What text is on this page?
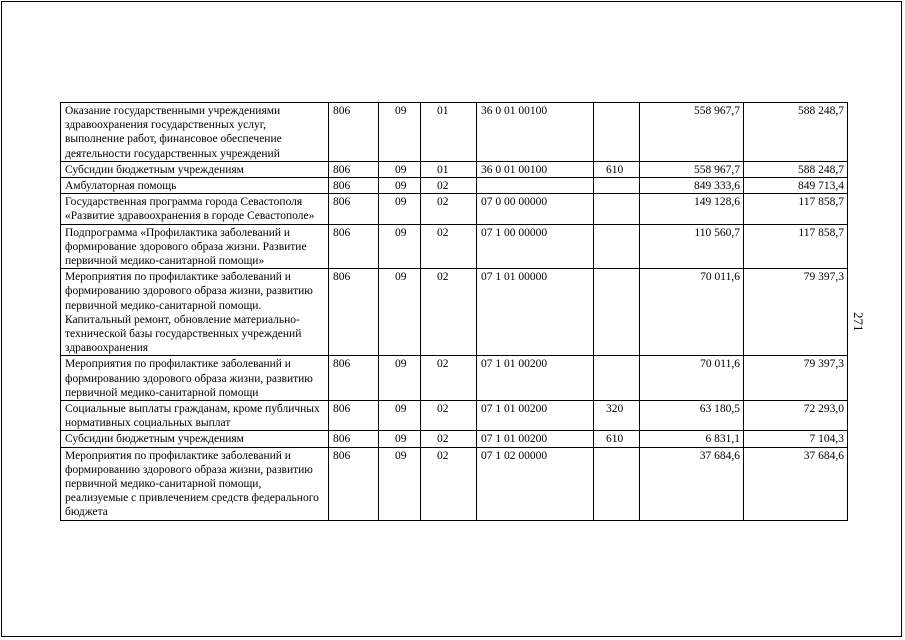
Оказание государственными учреждениями здравоохранения государственных услуг, выполнение работ, финансовое обеспечение деятельности государственных учреждений	806	09	01	36 0 01 00100		558 967,7	588 248,7
Субсидии бюджетным учреждениям	806	09	01	36 0 01 00100	610	558 967,7	588 248,7
Амбулаторная помощь	806	09	02			849 333,6	849 713,4
Государственная программа города Севастополя «Развитие здравоохранения в городе Севастополе»	806	09	02	07 0 00 00000		149 128,6	117 858,7
Подпрограмма «Профилактика заболеваний и формирование здорового образа жизни. Развитие первичной медико-санитарной помощи»	806	09	02	07 1 00 00000		110 560,7	117 858,7
Мероприятия по профилактике заболеваний и формированию здорового образа жизни, развитию первичной медико-санитарной помощи. Капитальный ремонт, обновление материально-технической базы государственных учреждений здравоохранения	806	09	02	07 1 01 00000		70 011,6	79 397,3
Мероприятия по профилактике заболеваний и формированию здорового образа жизни, развитию первичной медико-санитарной помощи	806	09	02	07 1 01 00200		70 011,6	79 397,3
Социальные выплаты гражданам, кроме публичных нормативных социальных выплат	806	09	02	07 1 01 00200	320	63 180,5	72 293,0
Субсидии бюджетным учреждениям	806	09	02	07 1 01 00200	610	6 831,1	7 104,3
Мероприятия по профилактике заболеваний и формированию здорового образа жизни, развитию первичной медико-санитарной помощи, реализуемые с привлечением средств федерального бюджета	806	09	02	07 1 02 00000		37 684,6	37 684,6
271
